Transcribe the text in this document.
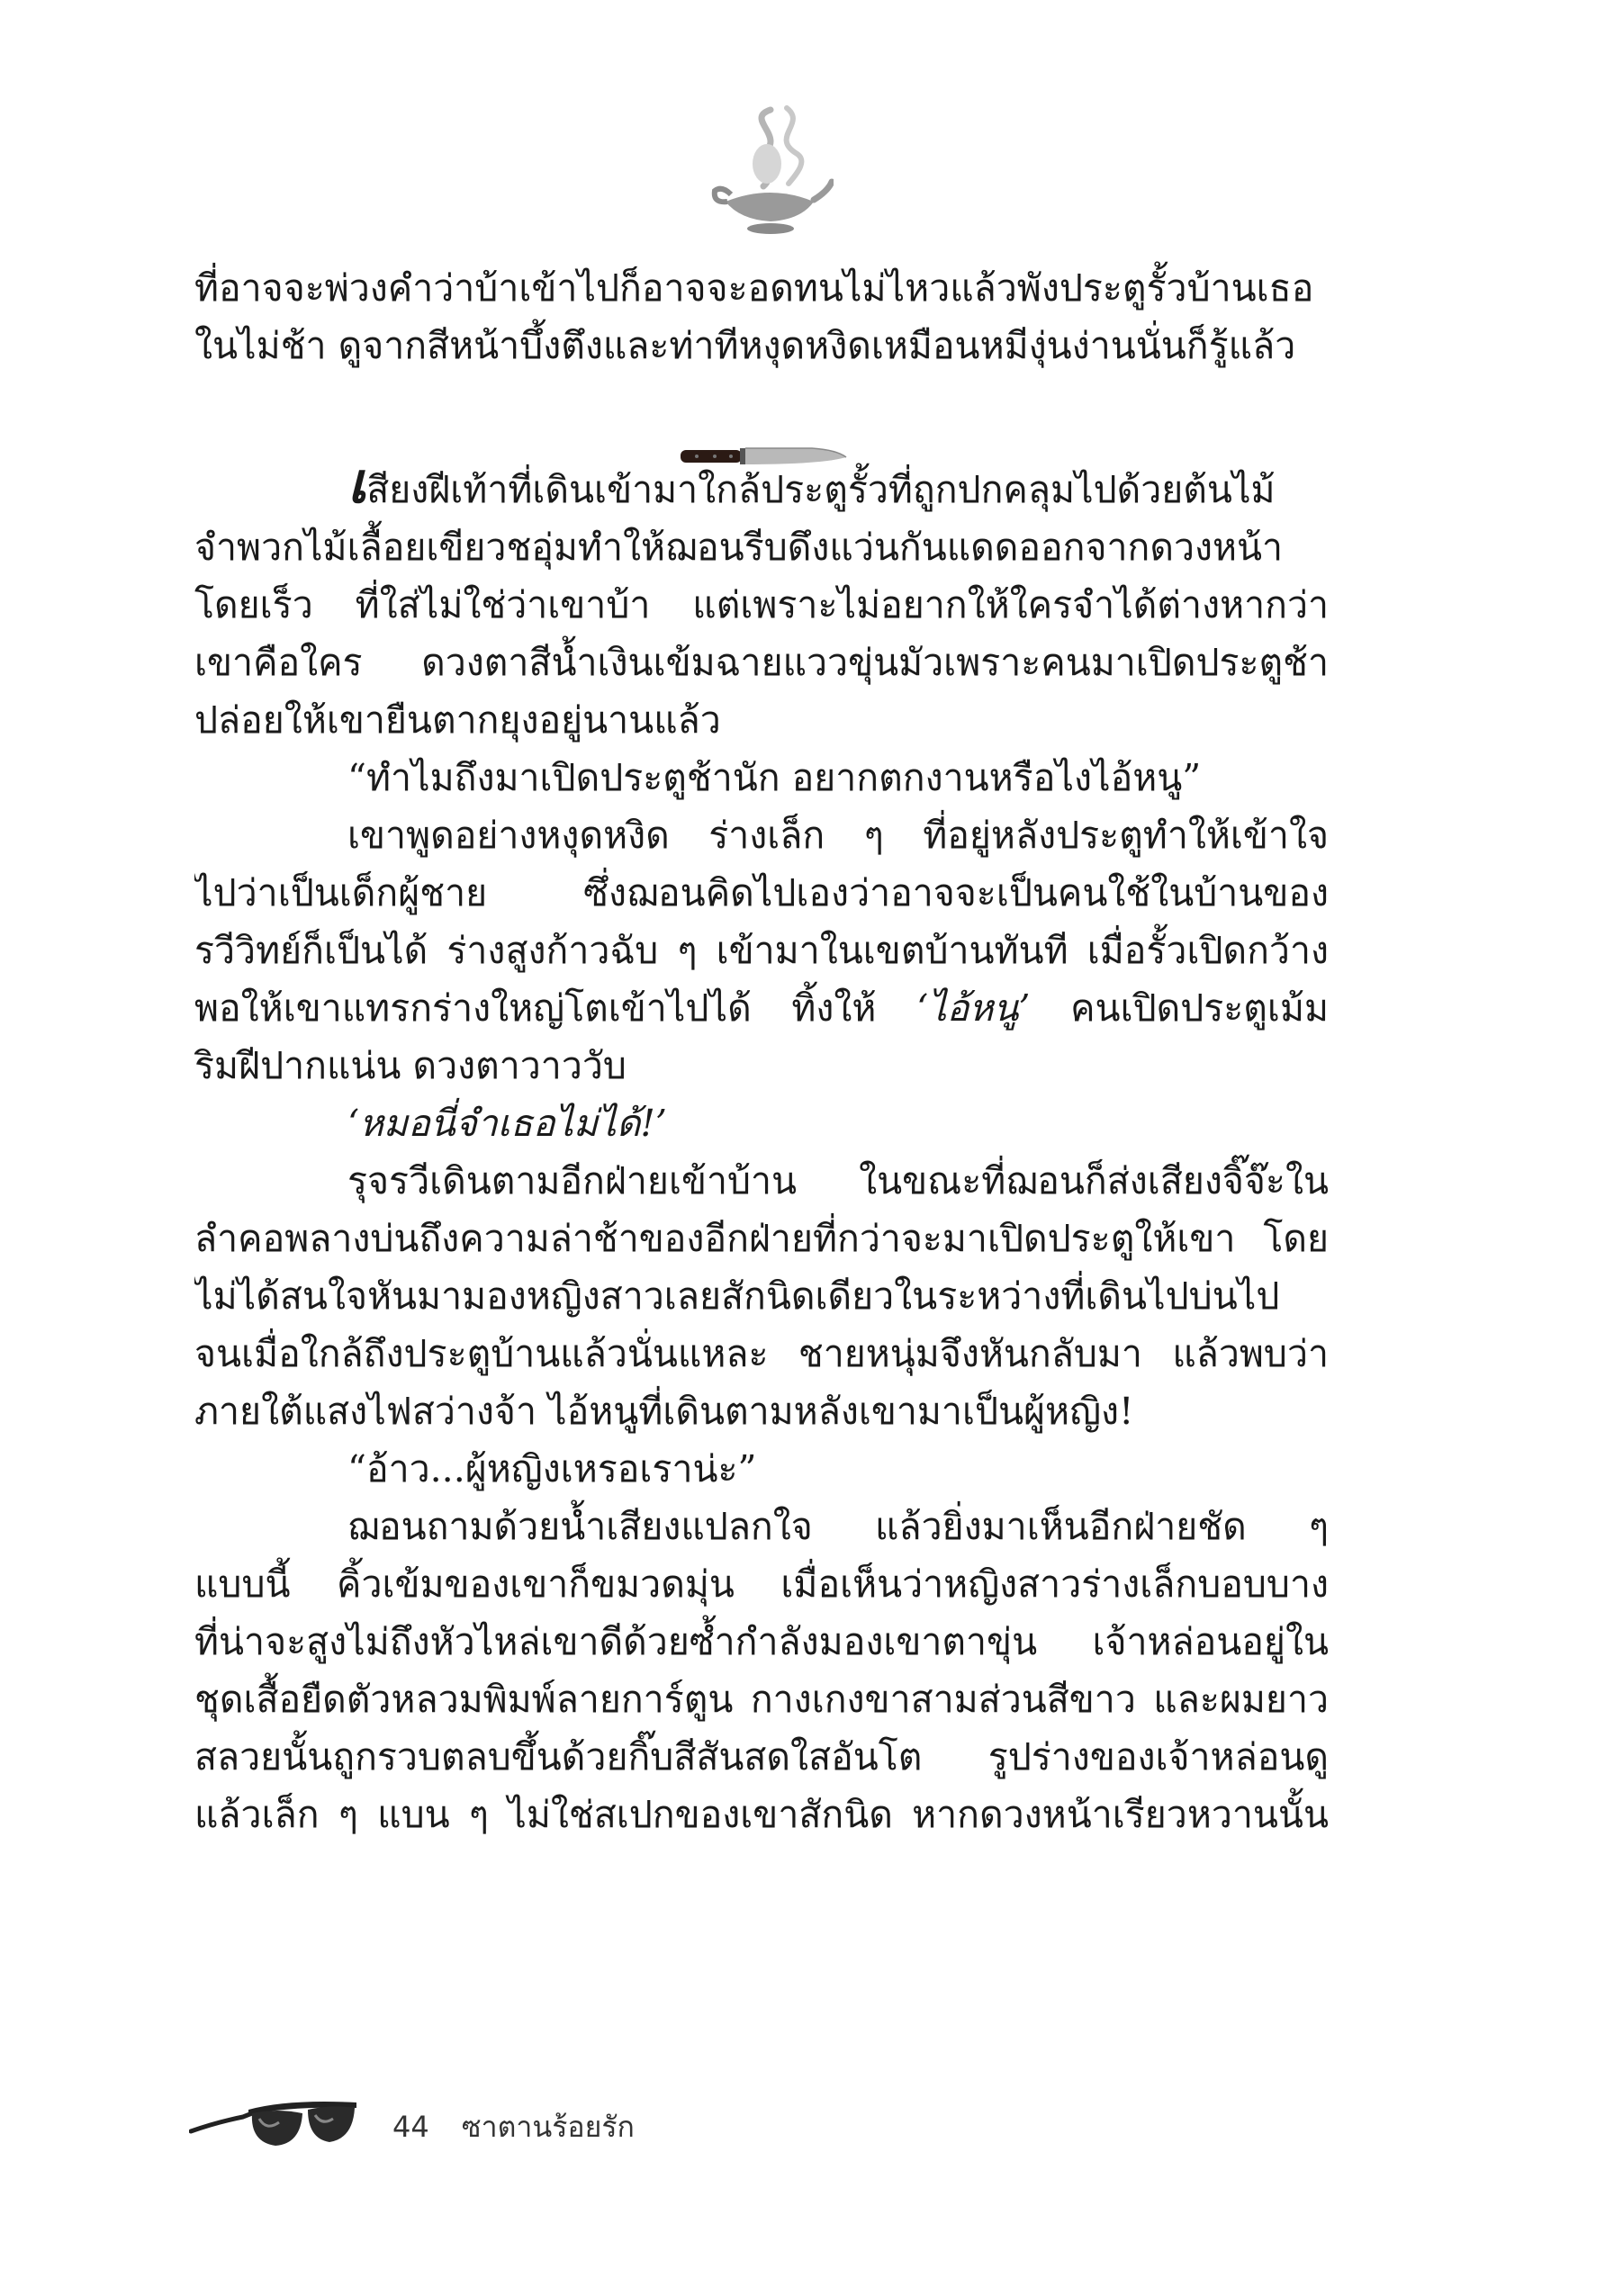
ที่อาจจะพ่วงคำว่าบ้าเข้าไปก็อาจจะอดทนไม่ไหวแล้วพังประตูรั้วบ้านเธอ
ในไม่ช้า ดูจากสีหน้าบึ้งตึงและท่าทีหงุดหงิดเหมือนหมีงุ่นง่านนั่นก็รู้แล้ว
เสียงฝีเท้าที่เดินเข้ามาใกล้ประตูรั้วที่ถูกปกคลุมไปด้วยต้นไม้
จำพวกไม้เลื้อยเขียวชอุ่มทำให้ฌอนรีบดึงแว่นกันแดดออกจากดวงหน้า
โดยเร็ว ที่ใส่ไม่ใช่ว่าเขาบ้า แต่เพราะไม่อยากให้ใครจำได้ต่างหากว่า
เขาคือใคร ดวงตาสีน้ำเงินเข้มฉายแววขุ่นมัวเพราะคนมาเปิดประตูช้า
ปล่อยให้เขายืนตากยุงอยู่นานแล้ว
“ทำไมถึงมาเปิดประตูช้านัก อยากตกงานหรือไงไอ้หนู”
เขาพูดอย่างหงุดหงิด ร่างเล็ก ๆ ที่อยู่หลังประตูทำให้เข้าใจ
ไปว่าเป็นเด็กผู้ชาย ซึ่งฌอนคิดไปเองว่าอาจจะเป็นคนใช้ในบ้านของ
รวีวิทย์ก็เป็นได้ ร่างสูงก้าวฉับ ๆ เข้ามาในเขตบ้านทันที เมื่อรั้วเปิดกว้าง
พอให้เขาแทรกร่างใหญ่โตเข้าไปได้ ทิ้งให้ ‘ไอ้หนู’ คนเปิดประตูเม้ม
ริมฝีปากแน่น ดวงตาวาววับ
‘หมอนี่จำเธอไม่ได้!’
รุจรวีเดินตามอีกฝ่ายเข้าบ้าน ในขณะที่ฌอนก็ส่งเสียงจิ๊จ๊ะใน
ลำคอพลางบ่นถึงความล่าช้าของอีกฝ่ายที่กว่าจะมาเปิดประตูให้เขา โดย
ไม่ได้สนใจหันมามองหญิงสาวเลยสักนิดเดียวในระหว่างที่เดินไปบ่นไป
จนเมื่อใกล้ถึงประตูบ้านแล้วนั่นแหละ ชายหนุ่มจึงหันกลับมา แล้วพบว่า
ภายใต้แสงไฟสว่างจ้า ไอ้หนูที่เดินตามหลังเขามาเป็นผู้หญิง!
“อ้าว...ผู้หญิงเหรอเราน่ะ”
ฌอนถามด้วยน้ำเสียงแปลกใจ แล้วยิ่งมาเห็นอีกฝ่ายชัด ๆ
แบบนี้ คิ้วเข้มของเขาก็ขมวดมุ่น เมื่อเห็นว่าหญิงสาวร่างเล็กบอบบาง
ที่น่าจะสูงไม่ถึงหัวไหล่เขาดีด้วยซ้ำกำลังมองเขาตาขุ่น เจ้าหล่อนอยู่ใน
ชุดเสื้อยืดตัวหลวมพิมพ์ลายการ์ตูน กางเกงขาสามส่วนสีขาว และผมยาว
สลวยนั้นถูกรวบตลบขึ้นด้วยกิ๊บสีสันสดใสอันโต รูปร่างของเจ้าหล่อนดู
แล้วเล็ก ๆ แบน ๆ ไม่ใช่สเปกของเขาสักนิด หากดวงหน้าเรียวหวานนั้น
44 ซาตานร้อยรัก
